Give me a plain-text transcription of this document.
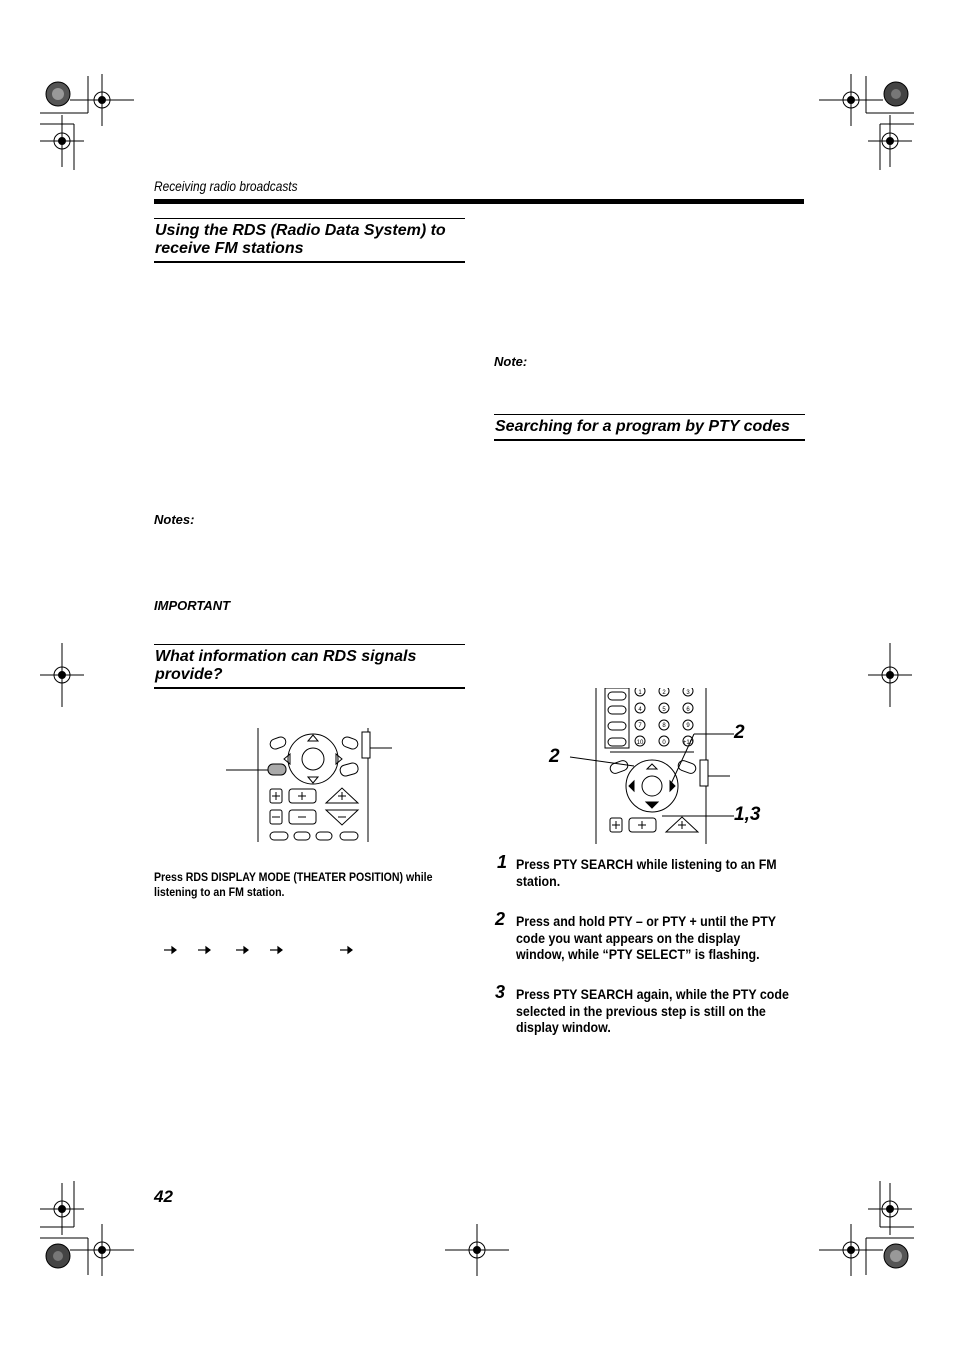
Receiving radio broadcasts
Using the RDS (Radio Data System) to receive FM stations
Notes:
IMPORTANT
What information can RDS signals provide?
Press RDS DISPLAY MODE (THEATER POSITION) while listening to an FM station.
Note:
Searching for a program by PTY codes
1	2	3
4	5	6
7	8	9
10	0	+10 2
2
1,3
1 Press PTY SEARCH while listening to an FM station.
2 Press and hold PTY – or PTY + until the PTY code you want appears on the display window, while “PTY SELECT” is flashing.
3 Press PTY SEARCH again, while the PTY code selected in the previous step is still on the display window.
42
